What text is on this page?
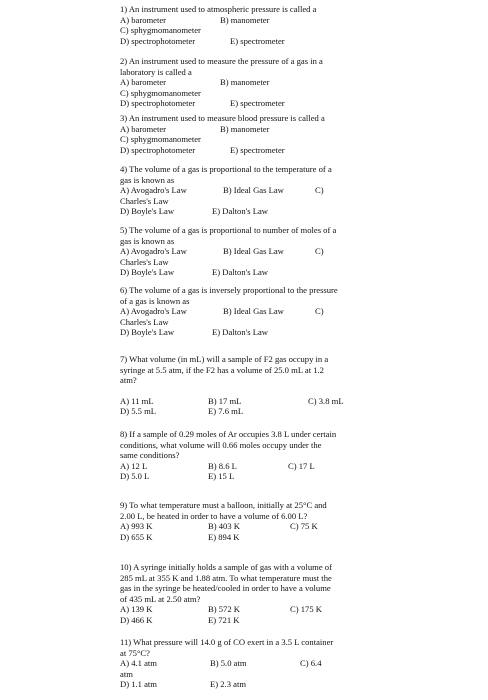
1) An instrument used to atmospheric pressure is called a
A) barometer	B) manometer
C) sphygmomanometer
D) spectrophotometer	E) spectrometer
2) An instrument used to measure the pressure of a gas in a laboratory is called a
A) barometer	B) manometer
C) sphygmomanometer
D) spectrophotometer	E) spectrometer
3) An instrument used to measure blood pressure is called a
A) barometer	B) manometer
C) sphygmomanometer
D) spectrophotometer	E) spectrometer
4) The volume of a gas is proportional to the temperature of a gas is known as
A) Avogadro's Law	B) Ideal Gas Law	C)
Charles's Law
D) Boyle's Law	E) Dalton's Law
5) The volume of a gas is proportional to number of moles of a gas is known as
A) Avogadro's Law	B) Ideal Gas Law	C)
Charles's Law
D) Boyle's Law	E) Dalton's Law
6) The volume of a gas is inversely proportional to the pressure of a gas is known as
A) Avogadro's Law	B) Ideal Gas Law	C)
Charles's Law
D) Boyle's Law	E) Dalton's Law
7) What volume (in mL) will a sample of F2 gas occupy in a syringe at 5.5 atm, if the F2 has a volume of 25.0 mL at 1.2 atm?
A) 11 mL	B) 17 mL	C) 3.8 mL
D) 5.5 mL	E) 7.6 mL
8) If a sample of 0.29 moles of Ar occupies 3.8 L under certain conditions, what volume will 0.66 moles occupy under the same conditions?
A) 12 L	B) 8.6 L	C) 17 L
D) 5.0 L	E) 15 L
9) To what temperature must a balloon, initially at 25°C and 2.00 L, be heated in order to have a volume of 6.00 L?
A) 993 K	B) 403 K	C) 75 K
D) 655 K	E) 894 K
10) A syringe initially holds a sample of gas with a volume of 285 mL at 355 K and 1.88 atm. To what temperature must the gas in the syringe be heated/cooled in order to have a volume of 435 mL at 2.50 atm?
A) 139 K	B) 572 K	C) 175 K
D) 466 K	E) 721 K
11) What pressure will 14.0 g of CO exert in a 3.5 L container at 75°C?
A) 4.1 atm	B) 5.0 atm	C) 6.4
atm
D) 1.1 atm	E) 2.3 atm
